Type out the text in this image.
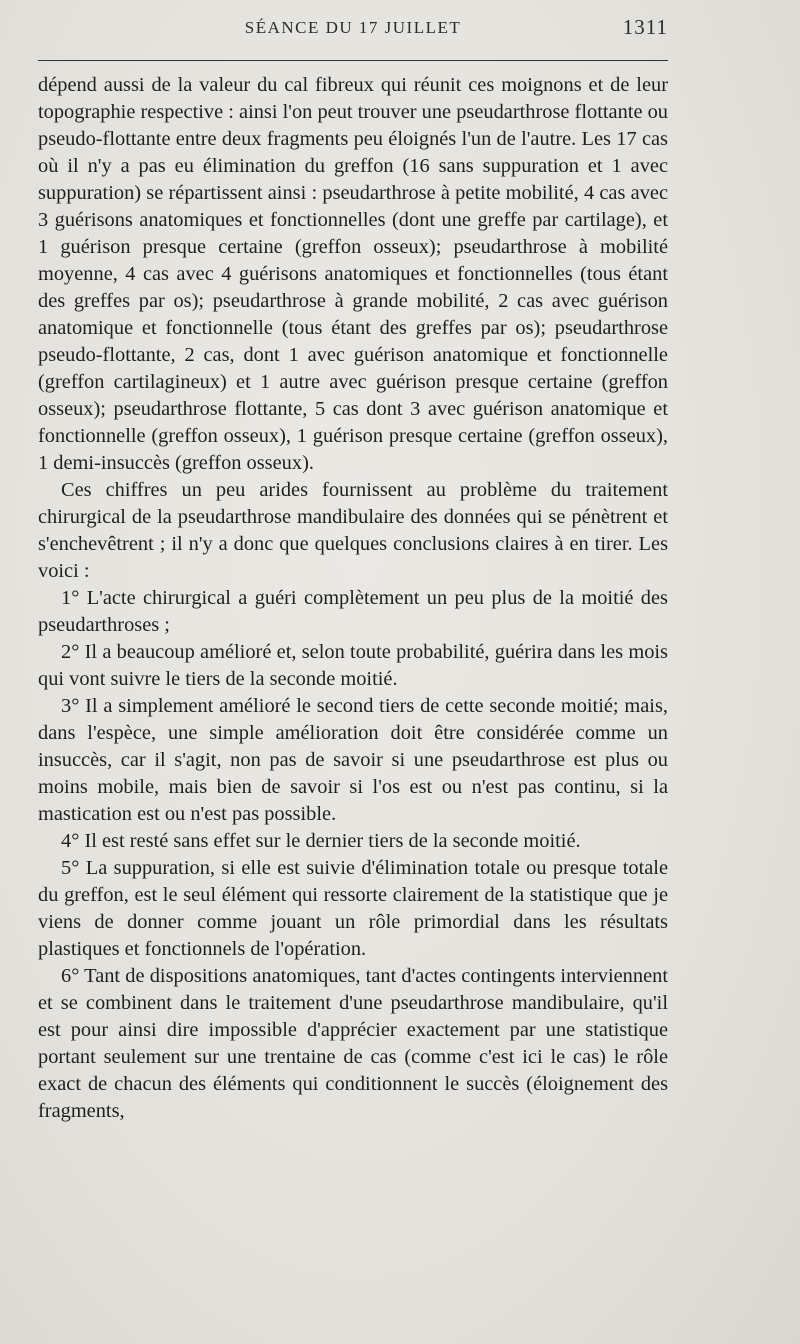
SÉANCE DU 17 JUILLET	1311

dépend aussi de la valeur du cal fibreux qui réunit ces moignons et de leur topographie respective : ainsi l'on peut trouver une pseudarthrose flottante ou pseudo-flottante entre deux fragments peu éloignés l'un de l'autre. Les 17 cas où il n'y a pas eu élimination du greffon (16 sans suppuration et 1 avec suppuration) se répartissent ainsi : pseudarthrose à petite mobilité, 4 cas avec 3 guérisons anatomiques et fonctionnelles (dont une greffe par cartilage), et 1 guérison presque certaine (greffon osseux); pseudarthrose à mobilité moyenne, 4 cas avec 4 guérisons anatomiques et fonctionnelles (tous étant des greffes par os); pseudarthrose à grande mobilité, 2 cas avec guérison anatomique et fonctionnelle (tous étant des greffes par os); pseudarthrose pseudo-flottante, 2 cas, dont 1 avec guérison anatomique et fonctionnelle (greffon cartilagineux) et 1 autre avec guérison presque certaine (greffon osseux); pseudarthrose flottante, 5 cas dont 3 avec guérison anatomique et fonctionnelle (greffon osseux), 1 guérison presque certaine (greffon osseux), 1 demi-insuccès (greffon osseux).

Ces chiffres un peu arides fournissent au problème du traitement chirurgical de la pseudarthrose mandibulaire des données qui se pénètrent et s'enchevêtrent ; il n'y a donc que quelques conclusions claires à en tirer. Les voici :

1° L'acte chirurgical a guéri complètement un peu plus de la moitié des pseudarthroses ;

2° Il a beaucoup amélioré et, selon toute probabilité, guérira dans les mois qui vont suivre le tiers de la seconde moitié.

3° Il a simplement amélioré le second tiers de cette seconde moitié; mais, dans l'espèce, une simple amélioration doit être considérée comme un insuccès, car il s'agit, non pas de savoir si une pseudarthrose est plus ou moins mobile, mais bien de savoir si l'os est ou n'est pas continu, si la mastication est ou n'est pas possible.

4° Il est resté sans effet sur le dernier tiers de la seconde moitié.

5° La suppuration, si elle est suivie d'élimination totale ou presque totale du greffon, est le seul élément qui ressorte clairement de la statistique que je viens de donner comme jouant un rôle primordial dans les résultats plastiques et fonctionnels de l'opération.

6° Tant de dispositions anatomiques, tant d'actes contingents interviennent et se combinent dans le traitement d'une pseudarthrose mandibulaire, qu'il est pour ainsi dire impossible d'apprécier exactement par une statistique portant seulement sur une trentaine de cas (comme c'est ici le cas) le rôle exact de chacun des éléments qui conditionnent le succès (éloignement des fragments,
